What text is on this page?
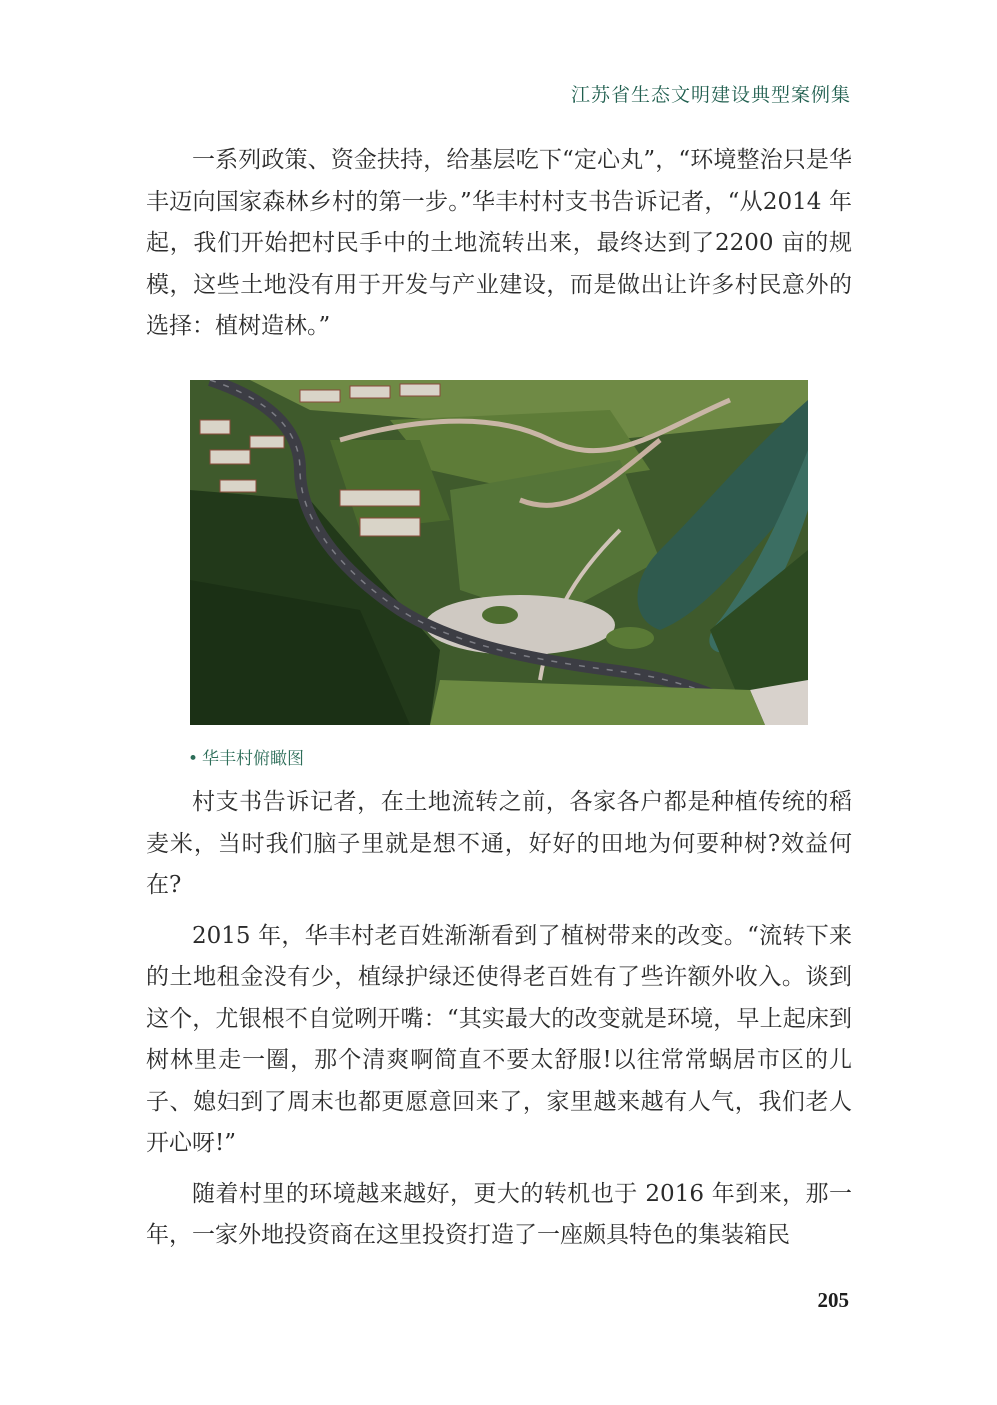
江苏省生态文明建设典型案例集

一系列政策、资金扶持，给基层吃下“定心丸”，“环境整治只是华丰迈向国家森林乡村的第一步。”华丰村村支书告诉记者，“从2014 年起，我们开始把村民手中的土地流转出来，最终达到了2200 亩的规模，这些土地没有用于开发与产业建设，而是做出让许多村民意外的选择：植树造林。”

• 华丰村俯瞰图

村支书告诉记者，在土地流转之前，各家各户都是种植传统的稻麦米，当时我们脑子里就是想不通，好好的田地为何要种树?效益何在?

2015 年，华丰村老百姓渐渐看到了植树带来的改变。“流转下来的土地租金没有少，植绿护绿还使得老百姓有了些许额外收入。谈到这个，尤银根不自觉咧开嘴：“其实最大的改变就是环境，早上起床到树林里走一圈，那个清爽啊简直不要太舒服!以往常常蜗居市区的儿子、媳妇到了周末也都更愿意回来了，家里越来越有人气，我们老人开心呀!”

随着村里的环境越来越好，更大的转机也于 2016 年到来，那一年，一家外地投资商在这里投资打造了一座颇具特色的集装箱民

205
